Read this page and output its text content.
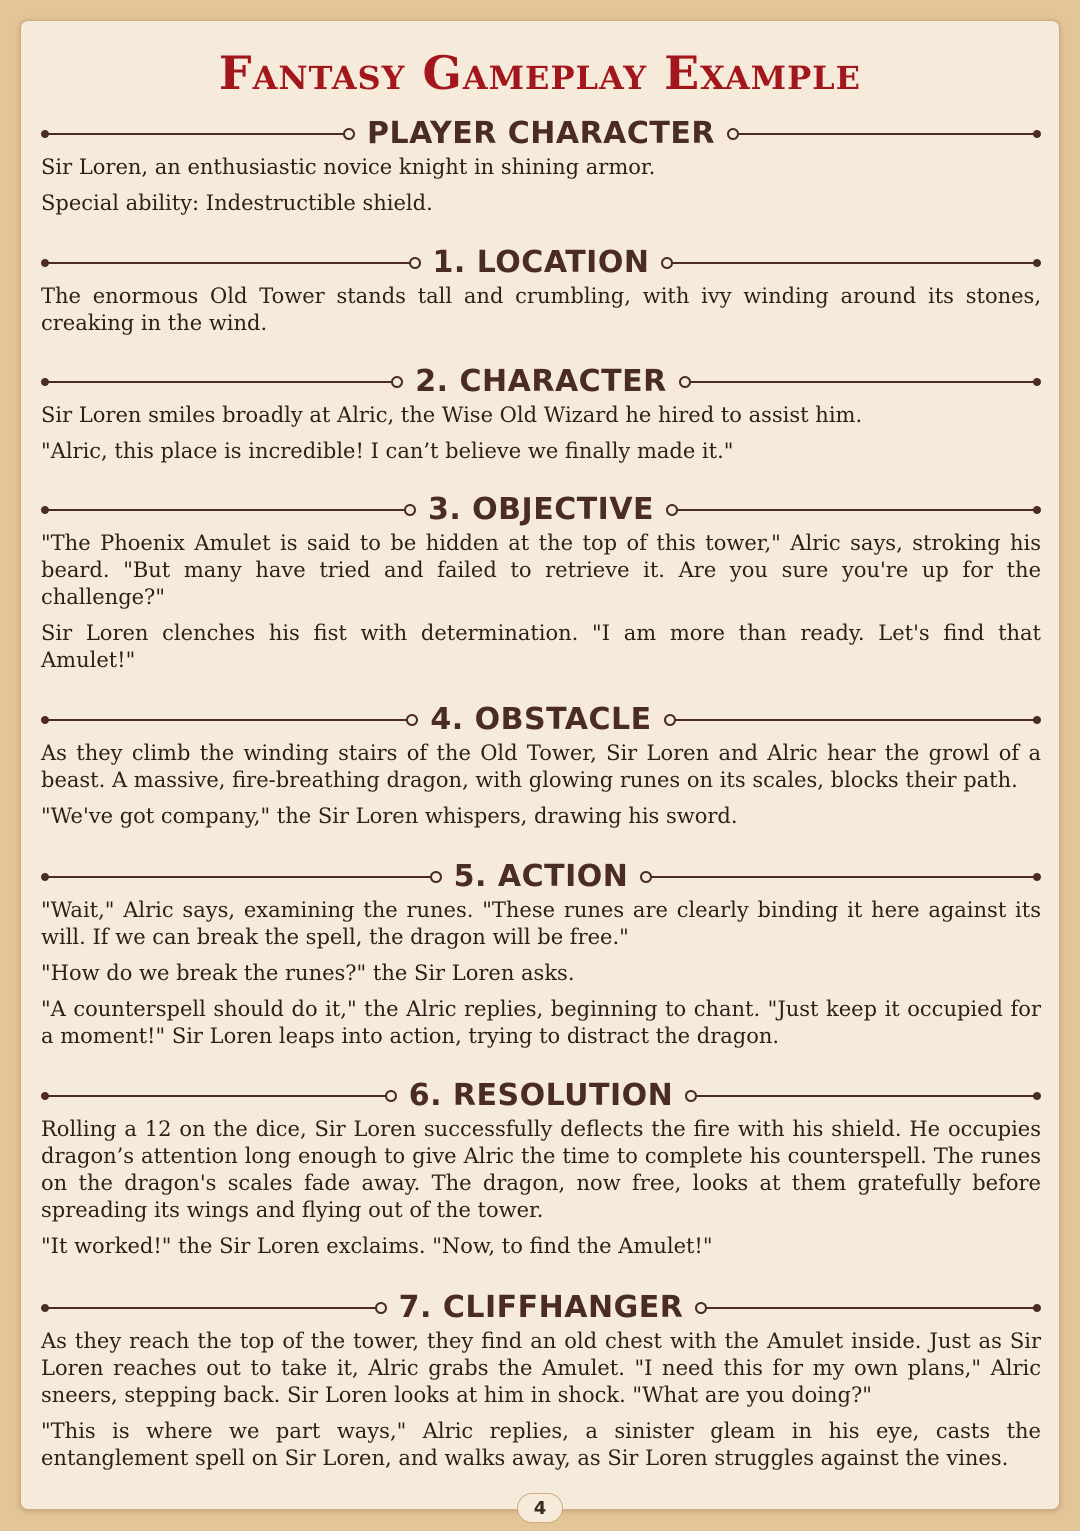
Fantasy Gameplay Example
PLAYER CHARACTER

Sir Loren, an enthusiastic novice knight in shining armor.

Special ability: Indestructible shield.

1. LOCATION

The enormous Old Tower stands tall and crumbling, with ivy winding around its stones, creaking in the wind.

2. CHARACTER

Sir Loren smiles broadly at Alric, the Wise Old Wizard he hired to assist him.

"Alric, this place is incredible! I can’t believe we finally made it."

3. OBJECTIVE

"The Phoenix Amulet is said to be hidden at the top of this tower," Alric says, stroking his beard. "But many have tried and failed to retrieve it. Are you sure you're up for the challenge?"

Sir Loren clenches his fist with determination. "I am more than ready. Let's find that Amulet!"

4. OBSTACLE

As they climb the winding stairs of the Old Tower, Sir Loren and Alric hear the growl of a beast. A massive, fire-breathing dragon, with glowing runes on its scales, blocks their path.

"We've got company," the Sir Loren whispers, drawing his sword.

5. ACTION

"Wait," Alric says, examining the runes. "These runes are clearly binding it here against its will. If we can break the spell, the dragon will be free."

"How do we break the runes?" the Sir Loren asks.

"A counterspell should do it," the Alric replies, beginning to chant. "Just keep it occupied for a moment!" Sir Loren leaps into action, trying to distract the dragon.

6. RESOLUTION

Rolling a 12 on the dice, Sir Loren successfully deflects the fire with his shield. He occupies dragon’s attention long enough to give Alric the time to complete his counterspell. The runes on the dragon's scales fade away. The dragon, now free, looks at them gratefully before spreading its wings and flying out of the tower.

"It worked!" the Sir Loren exclaims. "Now, to find the Amulet!"

7. CLIFFHANGER

As they reach the top of the tower, they find an old chest with the Amulet inside. Just as Sir Loren reaches out to take it, Alric grabs the Amulet. "I need this for my own plans," Alric sneers, stepping back. Sir Loren looks at him in shock. "What are you doing?"

"This is where we part ways," Alric replies, a sinister gleam in his eye, casts the entanglement spell on Sir Loren, and walks away, as Sir Loren struggles against the vines.

4
